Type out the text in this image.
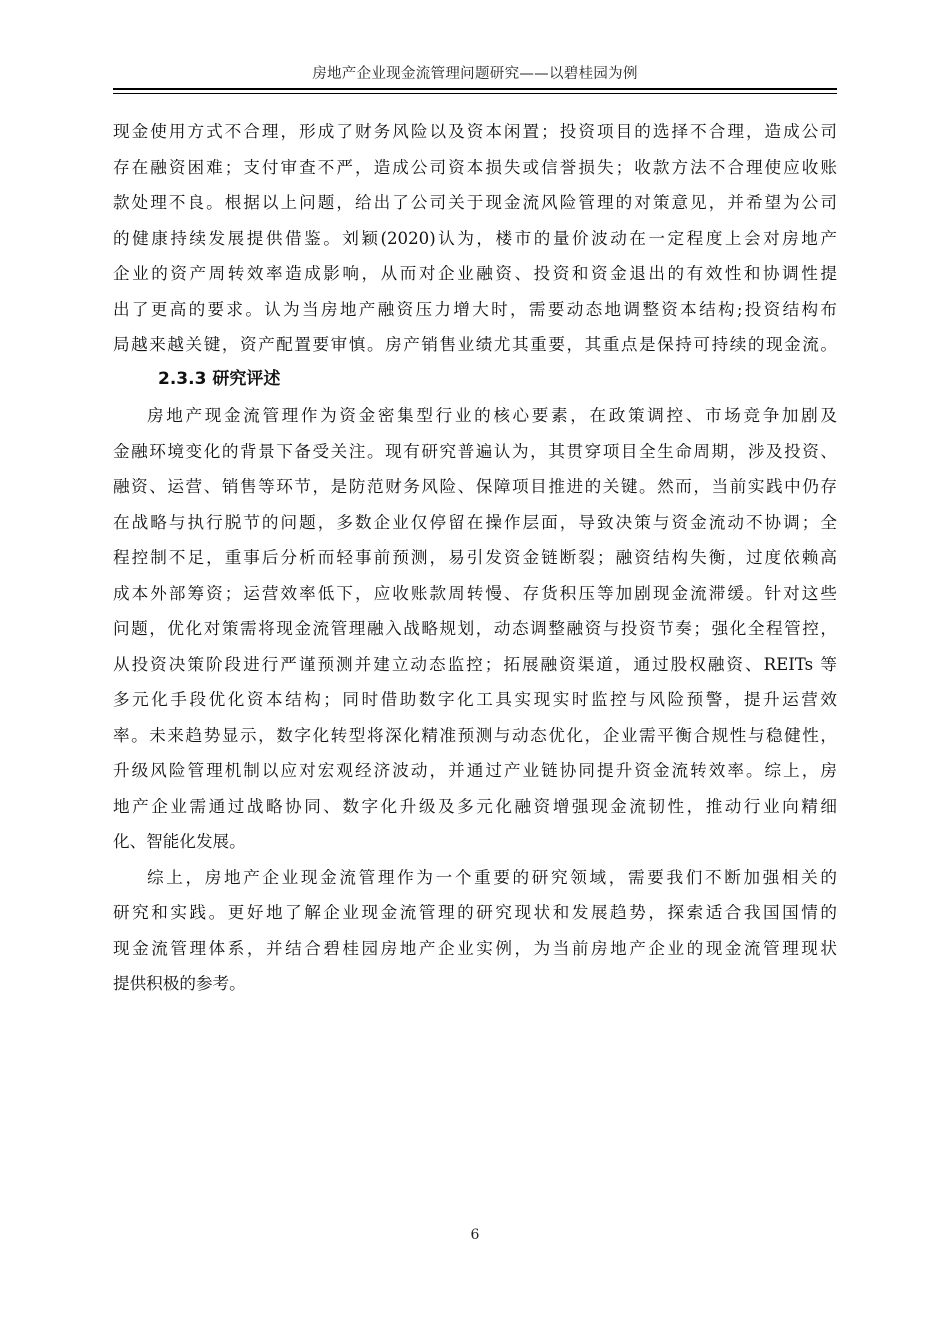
房地产企业现金流管理问题研究——以碧桂园为例
现金使用方式不合理，形成了财务风险以及资本闲置；投资项目的选择不合理，造成公司
存在融资困难；支付审查不严，造成公司资本损失或信誉损失；收款方法不合理使应收账
款处理不良。根据以上问题，给出了公司关于现金流风险管理的对策意见，并希望为公司
的健康持续发展提供借鉴。刘颖(2020)认为，楼市的量价波动在一定程度上会对房地产
企业的资产周转效率造成影响，从而对企业融资、投资和资金退出的有效性和协调性提
出了更高的要求。认为当房地产融资压力增大时，需要动态地调整资本结构;投资结构布
局越来越关键，资产配置要审慎。房产销售业绩尤其重要，其重点是保持可持续的现金流。
2.3.3 研究评述
房地产现金流管理作为资金密集型行业的核心要素，在政策调控、市场竞争加剧及
金融环境变化的背景下备受关注。现有研究普遍认为，其贯穿项目全生命周期，涉及投资、
融资、运营、销售等环节，是防范财务风险、保障项目推进的关键。然而，当前实践中仍存
在战略与执行脱节的问题，多数企业仅停留在操作层面，导致决策与资金流动不协调；全
程控制不足，重事后分析而轻事前预测，易引发资金链断裂；融资结构失衡，过度依赖高
成本外部筹资；运营效率低下，应收账款周转慢、存货积压等加剧现金流滞缓。针对这些
问题，优化对策需将现金流管理融入战略规划，动态调整融资与投资节奏；强化全程管控，
从投资决策阶段进行严谨预测并建立动态监控；拓展融资渠道，通过股权融资、REITs 等
多元化手段优化资本结构；同时借助数字化工具实现实时监控与风险预警，提升运营效
率。未来趋势显示，数字化转型将深化精准预测与动态优化，企业需平衡合规性与稳健性，
升级风险管理机制以应对宏观经济波动，并通过产业链协同提升资金流转效率。综上，房
地产企业需通过战略协同、数字化升级及多元化融资增强现金流韧性，推动行业向精细
化、智能化发展。
综上，房地产企业现金流管理作为一个重要的研究领域，需要我们不断加强相关的
研究和实践。更好地了解企业现金流管理的研究现状和发展趋势，探索适合我国国情的
现金流管理体系，并结合碧桂园房地产企业实例，为当前房地产企业的现金流管理现状
提供积极的参考。
6
